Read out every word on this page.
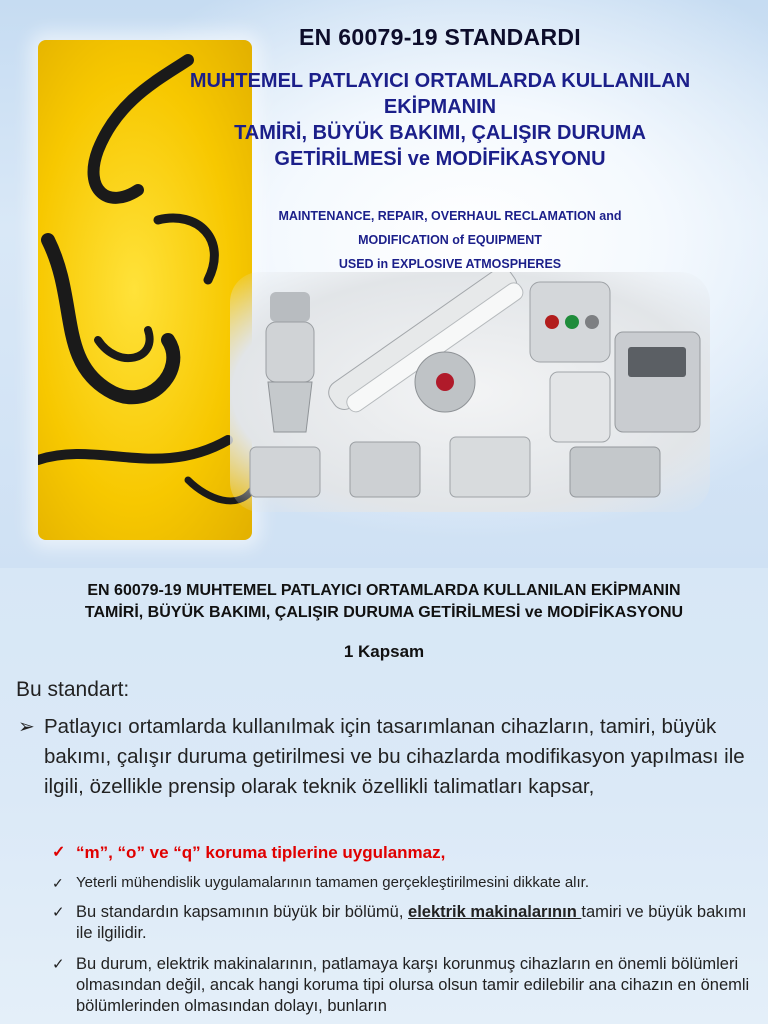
EN 60079-19 STANDARDI
MUHTEMEL PATLAYICI ORTAMLARDA KULLANILAN
EKİPMANIN
TAMİRİ, BÜYÜK BAKIMI, ÇALIŞIR DURUMA
GETİRİLMESİ ve MODİFİKASYONU
MAINTENANCE, REPAIR, OVERHAUL RECLAMATION and
MODIFICATION of EQUIPMENT
USED in EXPLOSIVE ATMOSPHERES
EN 60079-19 MUHTEMEL PATLAYICI ORTAMLARDA KULLANILAN EKİPMANIN
TAMİRİ, BÜYÜK BAKIMI, ÇALIŞIR DURUMA GETİRİLMESİ ve MODİFİKASYONU
1 Kapsam
Bu standart:
➢ Patlayıcı ortamlarda kullanılmak için tasarımlanan cihazların, tamiri, büyük bakımı, çalışır duruma getirilmesi ve bu cihazlarda modifikasyon yapılması ile ilgili, özellikle prensip olarak teknik özellikli talimatları kapsar,
✓ “m”, “o” ve “q” koruma tiplerine uygulanmaz,
✓ Yeterli mühendislik uygulamalarının tamamen gerçekleştirilmesini dikkate alır.
✓ Bu standardın kapsamının büyük bir bölümü, elektrik makinalarının tamiri ve büyük bakımı ile ilgilidir.
✓ Bu durum, elektrik makinalarının, patlamaya karşı korunmuş cihazların en önemli bölümleri olmasından değil, ancak hangi koruma tipi olursa olsun tamir edilebilir ana cihazın en önemli bölümlerinden olmasından dolayı, bunların
